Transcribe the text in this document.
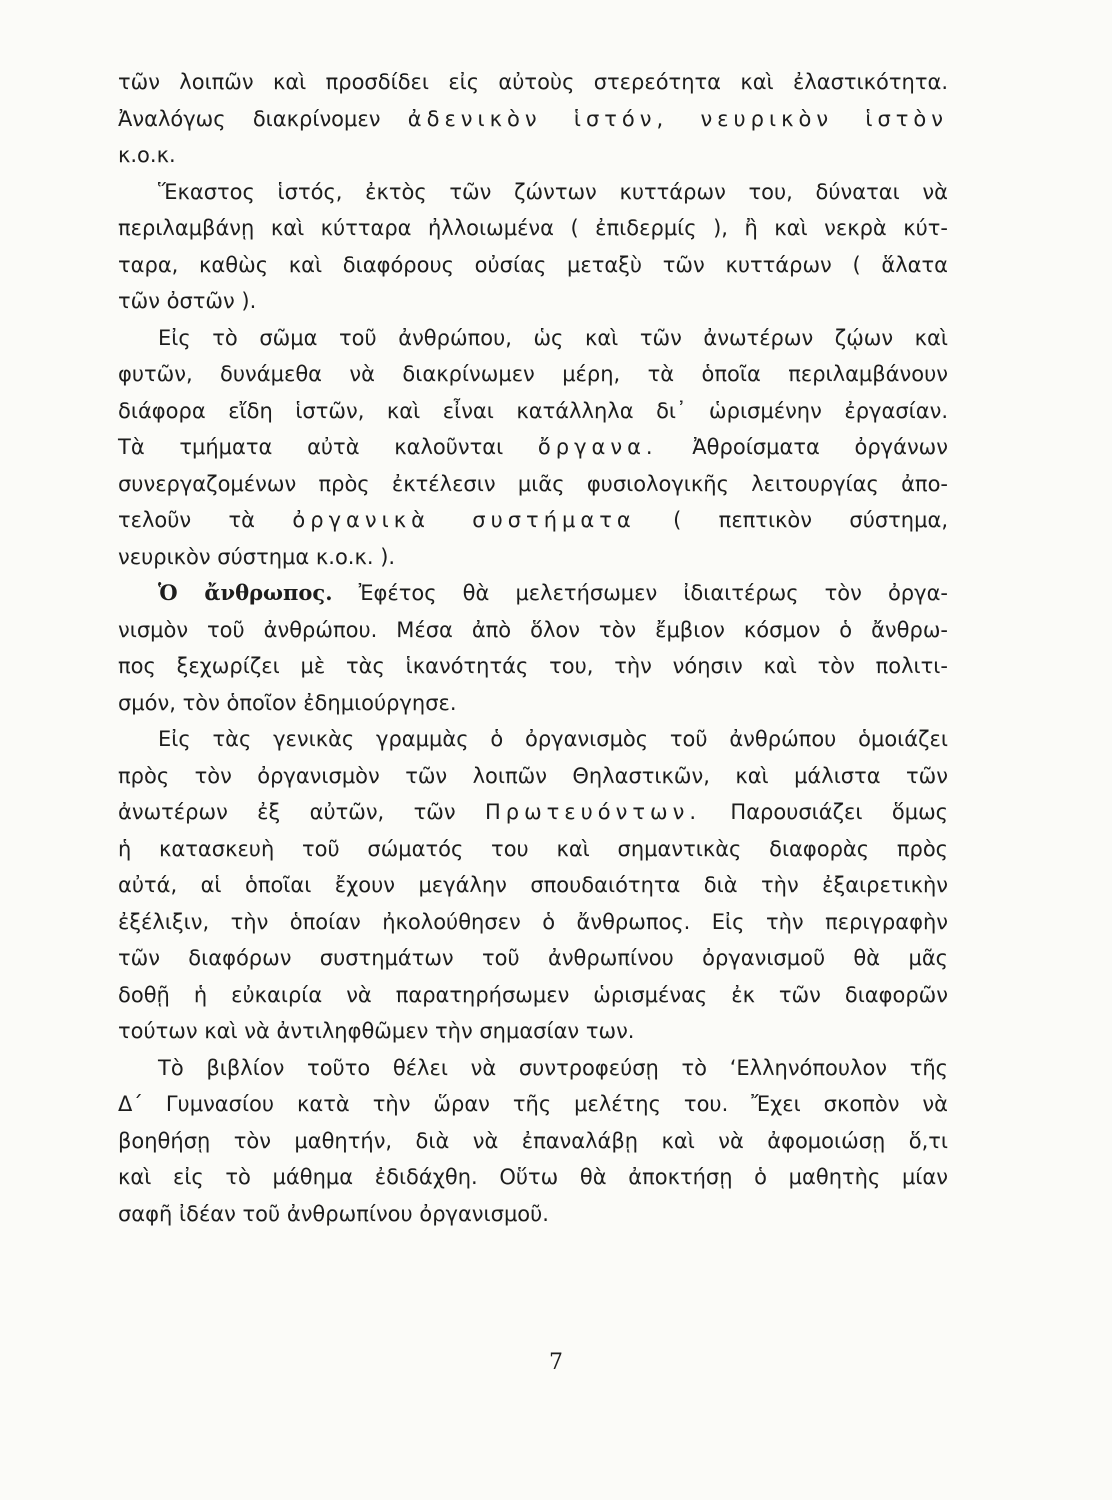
τῶν λοιπῶν καὶ προσδίδει εἰς αὐτοὺς στερεότητα καὶ ἐλαστικότητα.
Ἀναλόγως διακρίνομεν ἀδενικὸν ἱστόν, νευρικὸν ἱστὸν
κ.ο.κ.
Ἕκαστος ἱστός, ἐκτὸς τῶν ζώντων κυττάρων του, δύναται νὰ
περιλαμβάνῃ καὶ κύτταρα ἠλλοιωμένα ( ἐπιδερμίς ), ἢ καὶ νεκρὰ κύτ-
ταρα, καθὼς καὶ διαφόρους οὐσίας μεταξὺ τῶν κυττάρων ( ἅλατα
τῶν ὀστῶν ).
Εἰς τὸ σῶμα τοῦ ἀνθρώπου, ὡς καὶ τῶν ἀνωτέρων ζῴων καὶ
φυτῶν, δυνάμεθα νὰ διακρίνωμεν μέρη, τὰ ὁποῖα περιλαμβάνουν
διάφορα εἴδη ἱστῶν, καὶ εἶναι κατάλληλα δι᾽ ὡρισμένην ἐργασίαν.
Τὰ τμήματα αὐτὰ καλοῦνται ὄργανα. Ἀθροίσματα ὀργάνων
συνεργαζομένων πρὸς ἐκτέλεσιν μιᾶς φυσιολογικῆς λειτουργίας ἀπο-
τελοῦν τὰ ὀργανικὰ συστήματα ( πεπτικὸν σύστημα,
νευρικὸν σύστημα κ.ο.κ. ).
Ὁ ἄνθρωπος. Ἐφέτος θὰ μελετήσωμεν ἰδιαιτέρως τὸν ὀργα-
νισμὸν τοῦ ἀνθρώπου. Μέσα ἀπὸ ὅλον τὸν ἔμβιον κόσμον ὁ ἄνθρω-
πος ξεχωρίζει μὲ τὰς ἱκανότητάς του, τὴν νόησιν καὶ τὸν πολιτι-
σμόν, τὸν ὁποῖον ἐδημιούργησε.
Εἰς τὰς γενικὰς γραμμὰς ὁ ὀργανισμὸς τοῦ ἀνθρώπου ὁμοιάζει
πρὸς τὸν ὀργανισμὸν τῶν λοιπῶν Θηλαστικῶν, καὶ μάλιστα τῶν
ἀνωτέρων ἐξ αὐτῶν, τῶν Πρωτευόντων. Παρουσιάζει ὅμως
ἡ κατασκευὴ τοῦ σώματός του καὶ σημαντικὰς διαφορὰς πρὸς
αὐτά, αἱ ὁποῖαι ἔχουν μεγάλην σπουδαιότητα διὰ τὴν ἐξαιρετικὴν
ἐξέλιξιν, τὴν ὁποίαν ἠκολούθησεν ὁ ἄνθρωπος. Εἰς τὴν περιγραφὴν
τῶν διαφόρων συστημάτων τοῦ ἀνθρωπίνου ὀργανισμοῦ θὰ μᾶς
δοθῇ ἡ εὐκαιρία νὰ παρατηρήσωμεν ὡρισμένας ἐκ τῶν διαφορῶν
τούτων καὶ νὰ ἀντιληφθῶμεν τὴν σημασίαν των.
Τὸ βιβλίον τοῦτο θέλει νὰ συντροφεύσῃ τὸ ‘Ελληνόπουλον τῆς
Δ΄ Γυμνασίου κατὰ τὴν ὥραν τῆς μελέτης του. Ἔχει σκοπὸν νὰ
βοηθήσῃ τὸν μαθητήν, διὰ νὰ ἐπαναλάβῃ καὶ νὰ ἀφομοιώσῃ ὅ,τι
καὶ εἰς τὸ μάθημα ἐδιδάχθη. Οὕτω θὰ ἀποκτήσῃ ὁ μαθητὴς μίαν
σαφῆ ἰδέαν τοῦ ἀνθρωπίνου ὀργανισμοῦ.
7
